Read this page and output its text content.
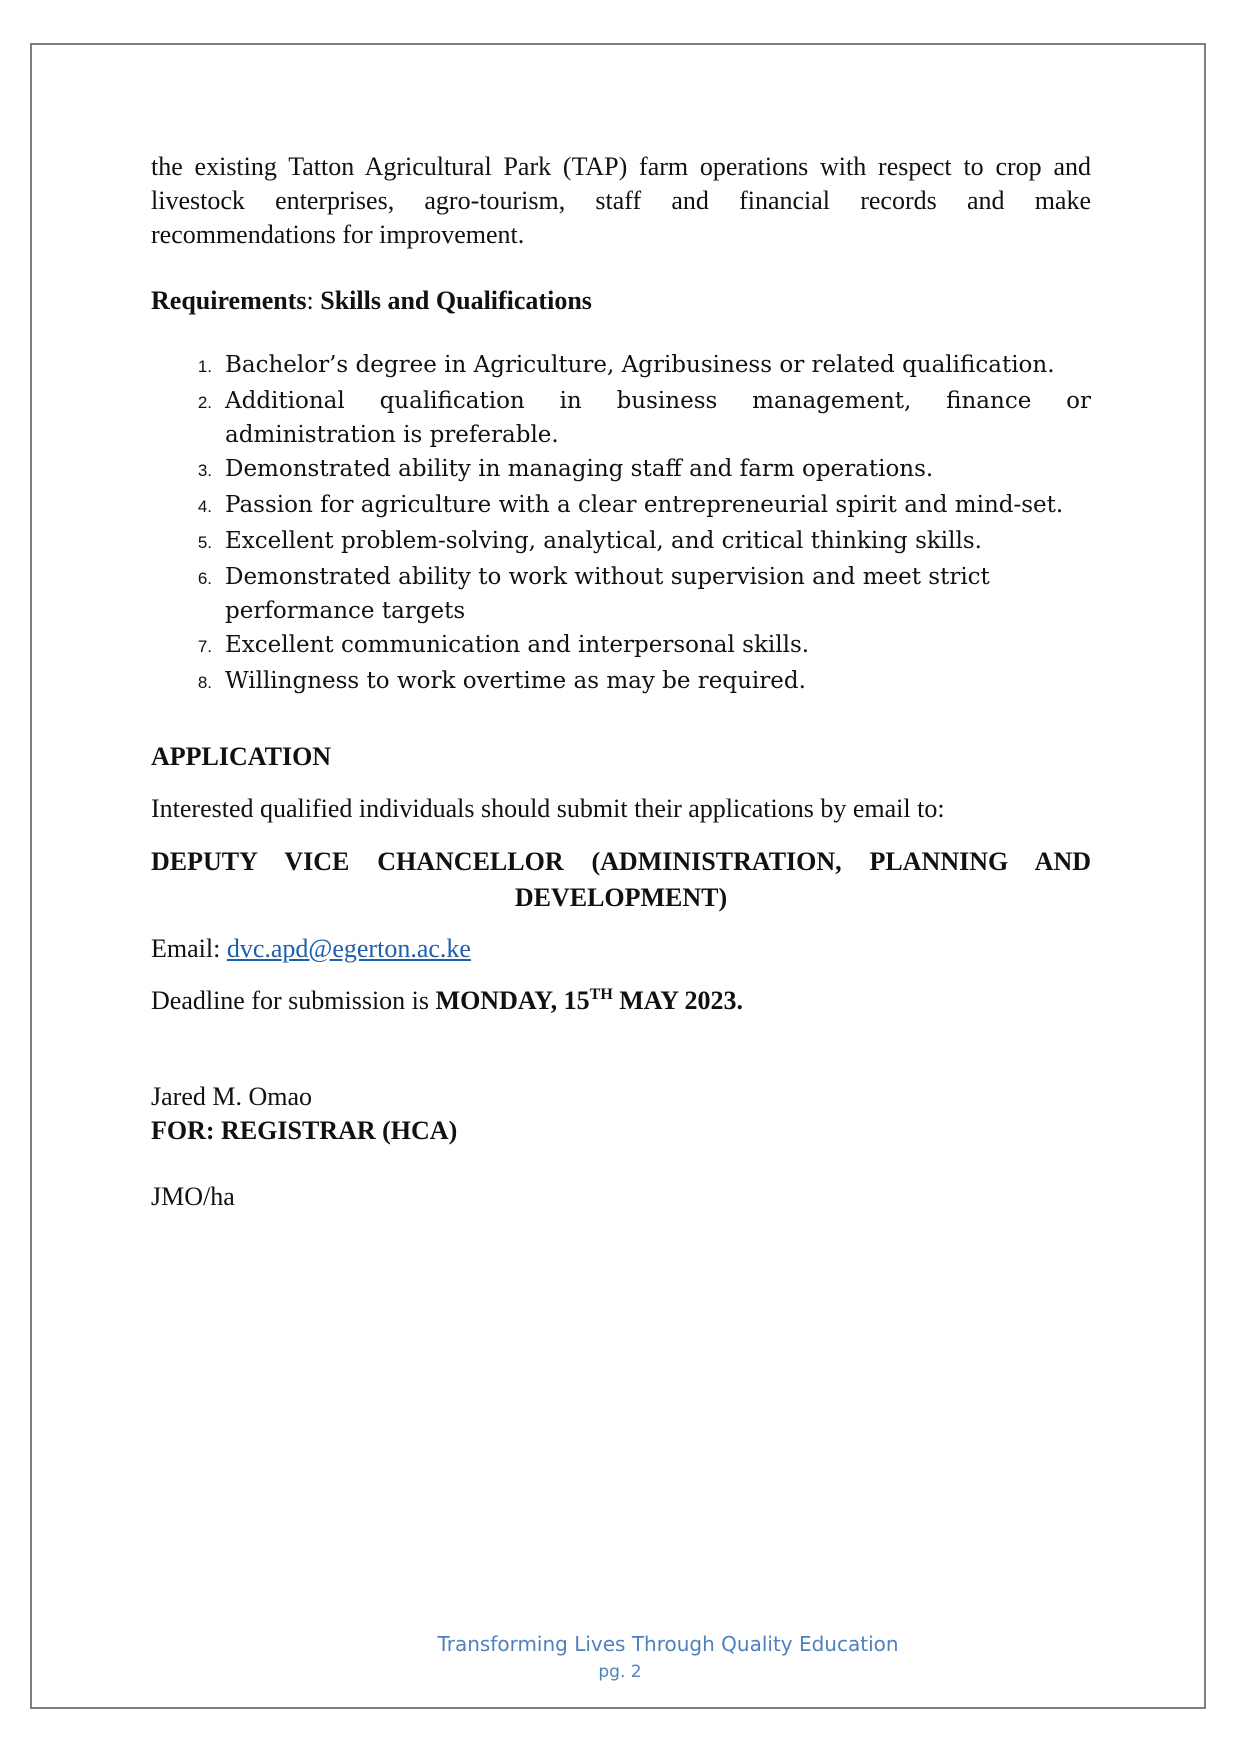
the existing Tatton Agricultural Park (TAP) farm operations with respect to crop and livestock enterprises, agro-tourism, staff and financial records and make recommendations for improvement.

Requirements: Skills and Qualifications

1. Bachelor’s degree in Agriculture, Agribusiness or related qualification.
2. Additional qualification in business management, finance or administration is preferable.
3. Demonstrated ability in managing staff and farm operations.
4. Passion for agriculture with a clear entrepreneurial spirit and mind-set.
5. Excellent problem-solving, analytical, and critical thinking skills.
6. Demonstrated ability to work without supervision and meet strict performance targets
7. Excellent communication and interpersonal skills.
8. Willingness to work overtime as may be required.

APPLICATION

Interested qualified individuals should submit their applications by email to:

DEPUTY VICE CHANCELLOR (ADMINISTRATION, PLANNING AND
DEVELOPMENT)

Email: dvc.apd@egerton.ac.ke

Deadline for submission is MONDAY, 15TH MAY 2023.

Jared M. Omao

FOR: REGISTRAR (HCA)

JMO/ha

Transforming Lives Through Quality Education
pg. 2
